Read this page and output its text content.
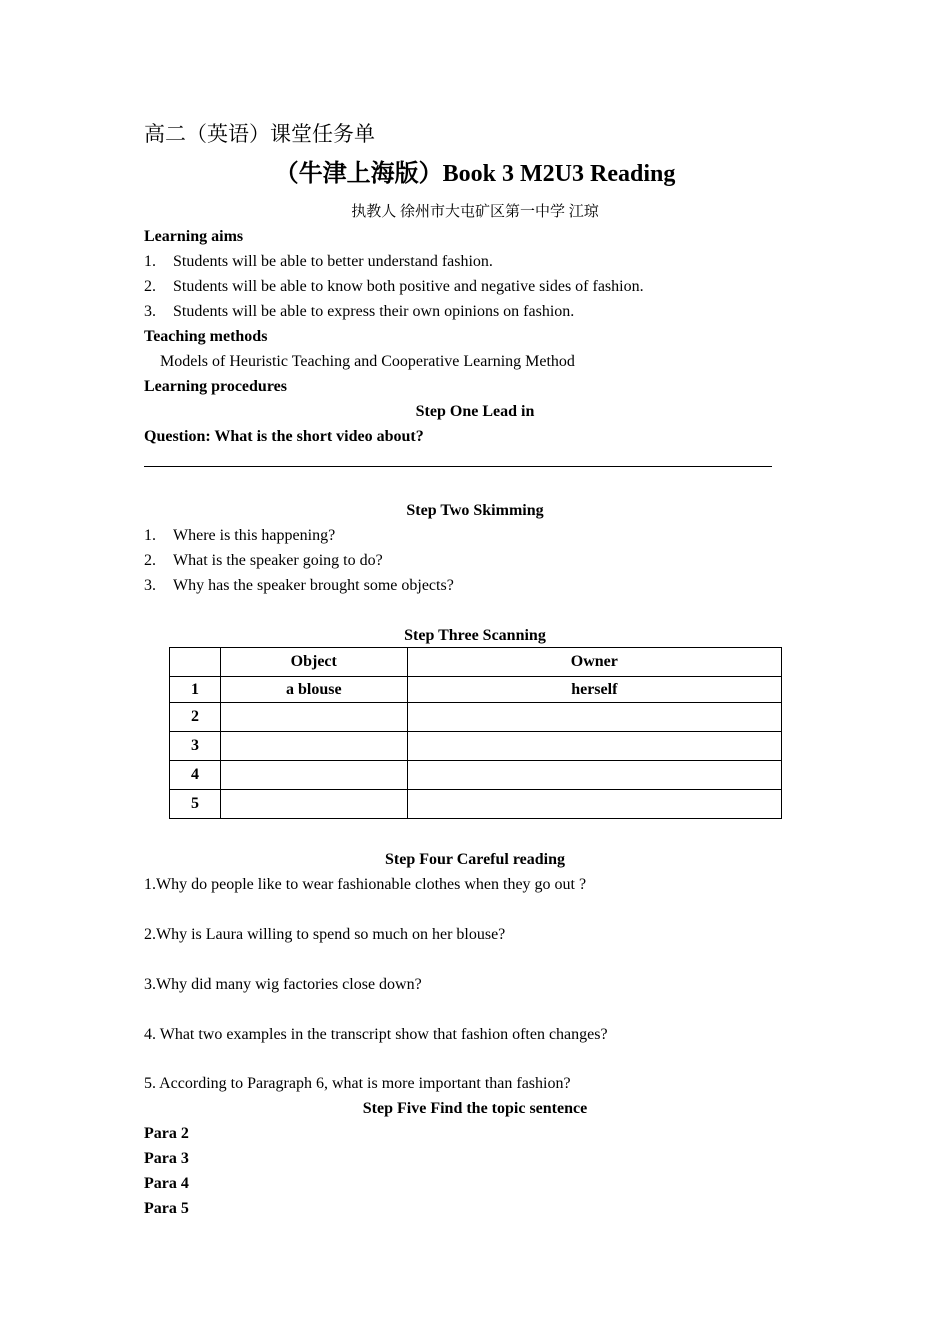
高二（英语）课堂任务单
（牛津上海版）Book 3 M2U3 Reading
执教人 徐州市大屯矿区第一中学 江琼
Learning aims
1. Students will be able to better understand fashion.
2. Students will be able to know both positive and negative sides of fashion.
3. Students will be able to express their own opinions on fashion.
Teaching methods
Models of Heuristic Teaching and Cooperative Learning Method
Learning procedures
Step One Lead in
Question: What is the short video about?
Step Two Skimming
1. Where is this happening?
2. What is the speaker going to do?
3. Why has the speaker brought some objects?
Step Three Scanning
	Object	Owner
1	a blouse	herself
2		
3		
4		
5		
Step Four Careful reading
1.Why do people like to wear fashionable clothes when they go out ?
2.Why is Laura willing to spend so much on her blouse?
3.Why did many wig factories close down?
4. What two examples in the transcript show that fashion often changes?
5. According to Paragraph 6, what is more important than fashion?
Step Five Find the topic sentence
Para 2
Para 3
Para 4
Para 5
